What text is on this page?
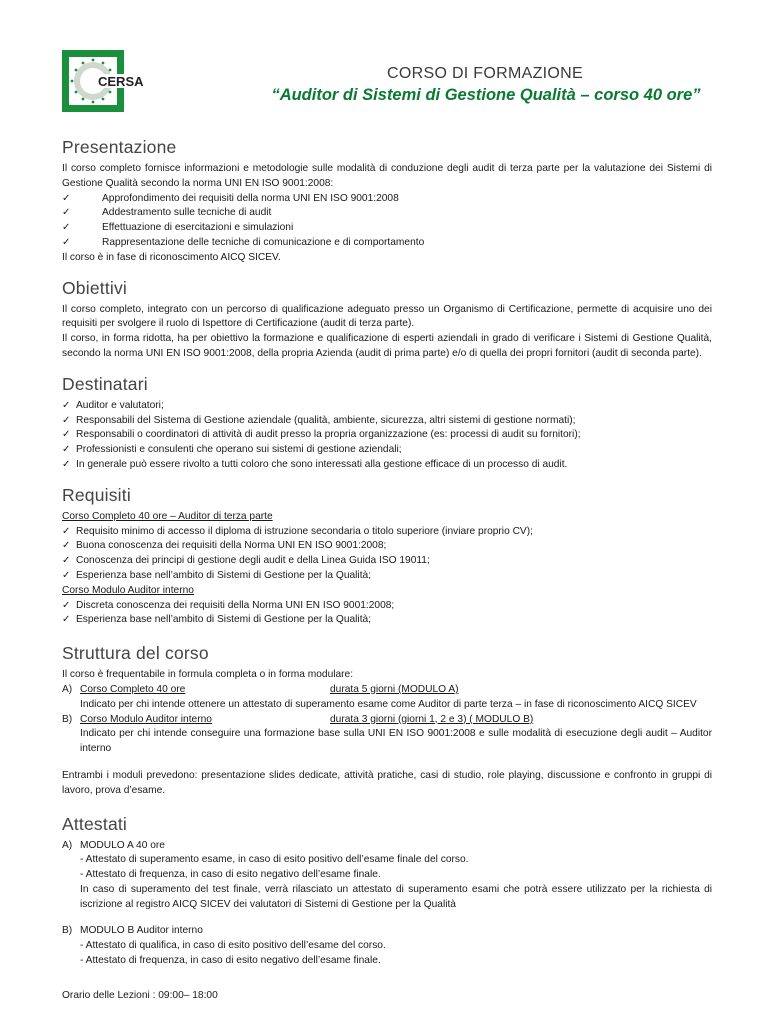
CERSA	CORSO DI FORMAZIONE
“Auditor di Sistemi di Gestione Qualità – corso 40 ore”
Presentazione

Il corso completo fornisce informazioni e metodologie sulle modalità di conduzione degli audit di terza parte per la valutazione dei Sistemi di Gestione Qualità secondo la norma UNI EN ISO 9001:2008:

✓	Approfondimento dei requisiti della norma UNI EN ISO 9001:2008
✓	Addestramento sulle tecniche di audit
✓	Effettuazione di esercitazioni e simulazioni
✓	Rappresentazione delle tecniche di comunicazione e di comportamento

Il corso è in fase di riconoscimento AICQ SICEV.

Obiettivi

Il corso completo, integrato con un percorso di qualificazione adeguato presso un Organismo di Certificazione, permette di acquisire uno dei requisiti per svolgere il ruolo di Ispettore di Certificazione (audit di terza parte).

Il corso, in forma ridotta, ha per obiettivo la formazione e qualificazione di esperti aziendali in grado di verificare i Sistemi di Gestione Qualità, secondo la norma UNI EN ISO 9001:2008, della propria Azienda (audit di prima parte) e/o di quella dei propri fornitori (audit di seconda parte).

Destinatari
✓ Auditor e valutatori;
✓ Responsabili del Sistema di Gestione aziendale (qualità, ambiente, sicurezza, altri sistemi di gestione normati);
✓ Responsabili o coordinatori di attività di audit presso la propria organizzazione (es: processi di audit su fornitori);
✓ Professionisti e consulenti che operano sui sistemi di gestione aziendali;
✓ In generale può essere rivolto a tutti coloro che sono interessati alla gestione efficace di un processo di audit.
Requisiti

Corso Completo 40 ore – Auditor di terza parte

✓ Requisito minimo di accesso il diploma di istruzione secondaria o titolo superiore (inviare proprio CV);
✓ Buona conoscenza dei requisiti della Norma UNI EN ISO 9001:2008;
✓ Conoscenza dei principi di gestione degli audit e della Linea Guida ISO 19011;
✓ Esperienza base nell’ambito di Sistemi di Gestione per la Qualità;

Corso Modulo Auditor interno

✓ Discreta conoscenza dei requisiti della Norma UNI EN ISO 9001:2008;
✓ Esperienza base nell’ambito di Sistemi di Gestione per la Qualità;
Struttura del corso

Il corso è frequentabile in formula completa o in forma modulare:

A) Corso Completo 40 ore	durata 5 giorni (MODULO A)

Indicato per chi intende ottenere un attestato di superamento esame come Auditor di parte terza – in fase di riconoscimento AICQ SICEV

B) Corso Modulo Auditor interno	durata 3 giorni (giorni 1, 2 e 3) ( MODULO B)

Indicato per chi intende conseguire una formazione base sulla UNI EN ISO 9001:2008 e sulle modalità di esecuzione degli audit – Auditor interno

Entrambi i moduli prevedono: presentazione slides dedicate, attività pratiche, casi di studio, role playing, discussione e confronto in gruppi di lavoro, prova d’esame.

Attestati
A) MODULO A 40 ore

- Attestato di superamento esame, in caso di esito positivo dell’esame finale del corso.

- Attestato di frequenza, in caso di esito negativo dell’esame finale.

In caso di superamento del test finale, verrà rilasciato un attestato di superamento esami che potrà essere utilizzato per la richiesta di iscrizione al registro AICQ SICEV dei valutatori di Sistemi di Gestione per la Qualità

B) MODULO B Auditor interno

- Attestato di qualifica, in caso di esito positivo dell’esame del corso.

- Attestato di frequenza, in caso di esito negativo dell’esame finale.

Orario delle Lezioni : 09:00– 18:00
